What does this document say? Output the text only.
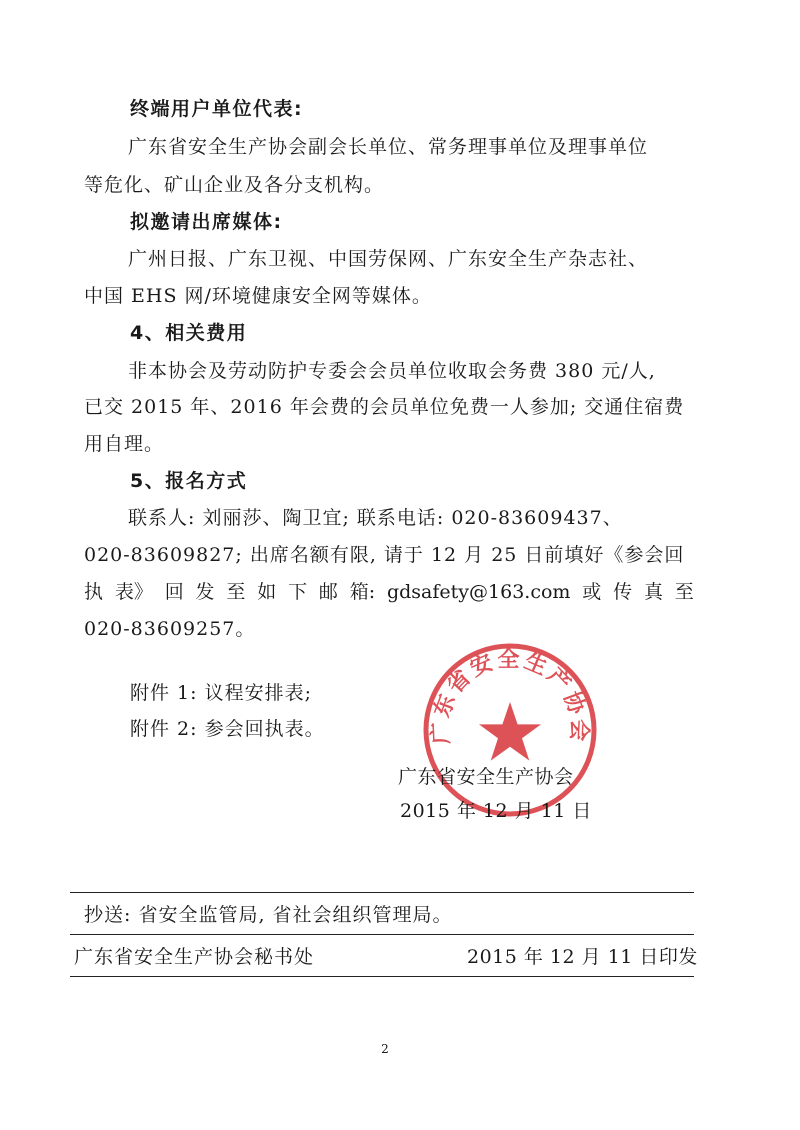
终端用户单位代表:
广东省安全生产协会副会长单位、常务理事单位及理事单位
等危化、矿山企业及各分支机构。
拟邀请出席媒体:
广州日报、广东卫视、中国劳保网、广东安全生产杂志社、
中国 EHS 网/环境健康安全网等媒体。
4、相关费用
非本协会及劳动防护专委会会员单位收取会务费 380 元/人,
已交 2015 年、2016 年会费的会员单位免费一人参加; 交通住宿费
用自理。
5、报名方式
联系人: 刘丽莎、陶卫宜; 联系电话: 020-83609437、
020-83609827; 出席名额有限, 请于 12 月 25 日前填好《参会回
执 表》 回 发 至 如 下 邮 箱: gdsafety@163.com 或 传 真 至
020-83609257。
附件 1: 议程安排表;
附件 2: 参会回执表。	广东省安全生产协会
广东省安全生产协会
2015 年 12 月 11 日
抄送: 省安全监管局, 省社会组织管理局。
广东省安全生产协会秘书处	2015 年 12 月 11 日印发
2
